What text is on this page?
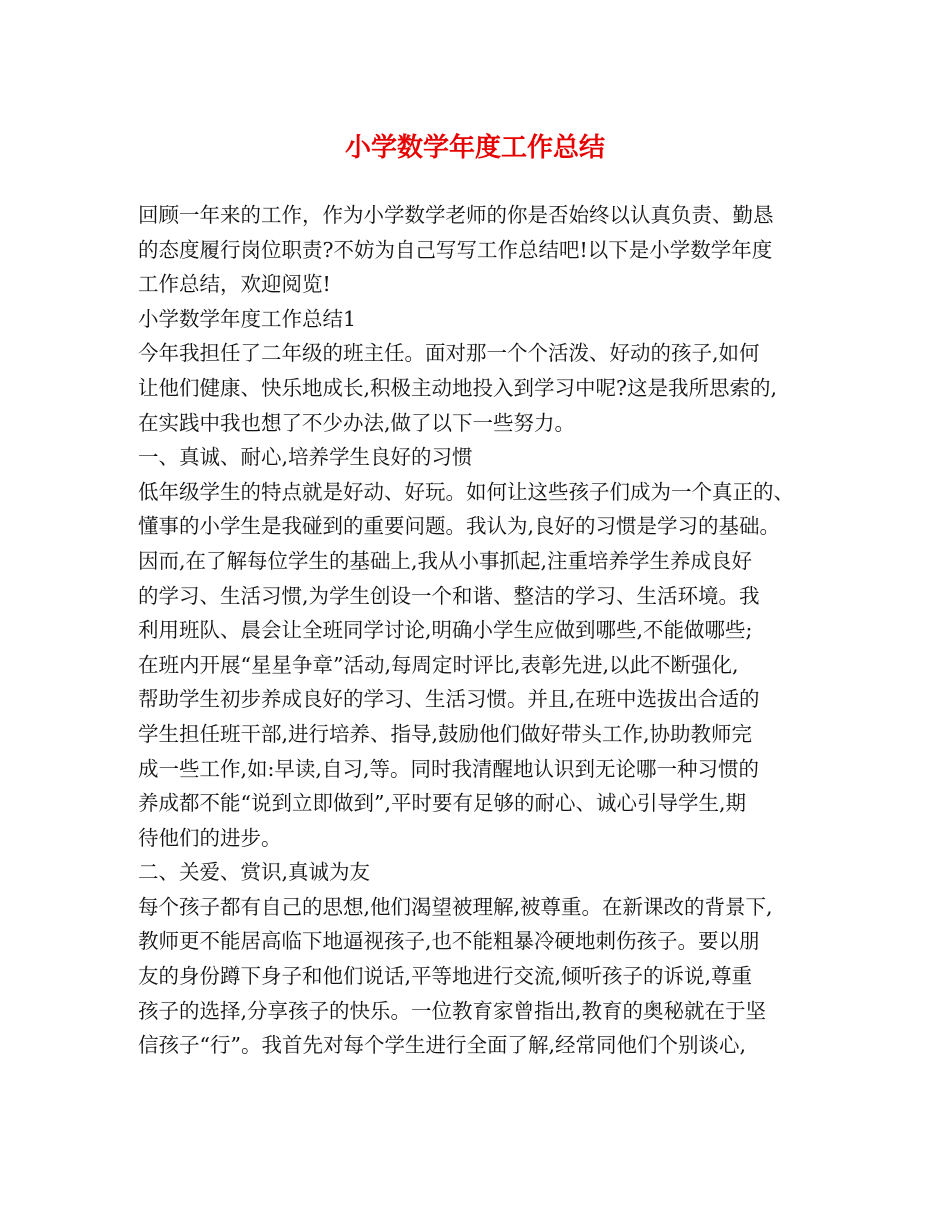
小学数学年度工作总结
回顾一年来的工作，作为小学数学老师的你是否始终以认真负责、勤恳
的态度履行岗位职责?不妨为自己写写工作总结吧!以下是小学数学年度
工作总结，欢迎阅览!
小学数学年度工作总结1
今年我担任了二年级的班主任。面对那一个个活泼、好动的孩子,如何
让他们健康、快乐地成长,积极主动地投入到学习中呢?这是我所思索的,
在实践中我也想了不少办法,做了以下一些努力。
一、真诚、耐心,培养学生良好的习惯
低年级学生的特点就是好动、好玩。如何让这些孩子们成为一个真正的、
懂事的小学生是我碰到的重要问题。我认为,良好的习惯是学习的基础。
因而,在了解每位学生的基础上,我从小事抓起,注重培养学生养成良好
的学习、生活习惯,为学生创设一个和谐、整洁的学习、生活环境。我
利用班队、晨会让全班同学讨论,明确小学生应做到哪些,不能做哪些;
在班内开展“星星争章”活动,每周定时评比,表彰先进,以此不断强化,
帮助学生初步养成良好的学习、生活习惯。并且,在班中选拔出合适的
学生担任班干部,进行培养、指导,鼓励他们做好带头工作,协助教师完
成一些工作,如:早读,自习,等。同时我清醒地认识到无论哪一种习惯的
养成都不能“说到立即做到”,平时要有足够的耐心、诚心引导学生,期
待他们的进步。
二、关爱、赏识,真诚为友
每个孩子都有自己的思想,他们渴望被理解,被尊重。在新课改的背景下,
教师更不能居高临下地逼视孩子,也不能粗暴冷硬地刺伤孩子。要以朋
友的身份蹲下身子和他们说话,平等地进行交流,倾听孩子的诉说,尊重
孩子的选择,分享孩子的快乐。一位教育家曾指出,教育的奥秘就在于坚
信孩子“行”。我首先对每个学生进行全面了解,经常同他们个别谈心,
